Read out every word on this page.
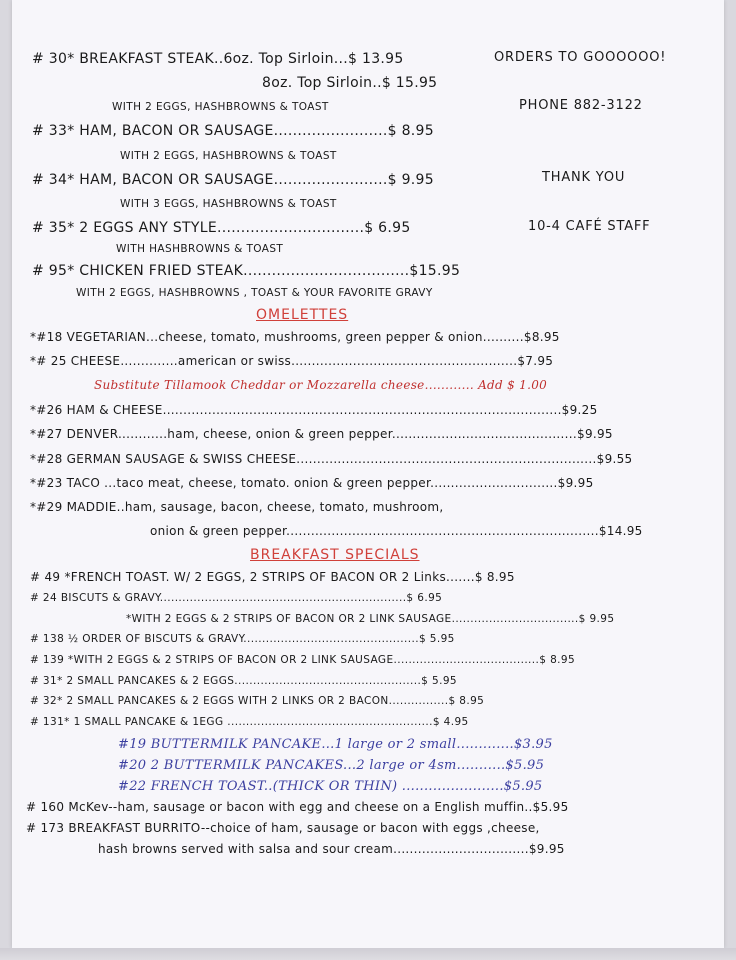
ORDERS TO GOOOOOO!
PHONE 882-3122
THANK YOU
10-4 CAFÉ STAFF
# 30* BREAKFAST STEAK..6oz. Top Sirloin...$ 13.95
8oz. Top Sirloin..$ 15.95
WITH 2 EGGS, HASHBROWNS & TOAST
# 33* HAM, BACON OR SAUSAGE........................$ 8.95
WITH 2 EGGS, HASHBROWNS & TOAST
# 34* HAM, BACON OR SAUSAGE........................$ 9.95
WITH 3 EGGS, HASHBROWNS & TOAST
# 35* 2 EGGS ANY STYLE...............................$ 6.95
WITH HASHBROWNS & TOAST
# 95* CHICKEN FRIED STEAK...................................$15.95
WITH 2 EGGS, HASHBROWNS , TOAST & YOUR FAVORITE GRAVY
OMELETTES
*#18 VEGETARIAN...cheese, tomato, mushrooms, green pepper & onion..........$8.95
*# 25 CHEESE..............american or swiss.......................................................$7.95
Substitute Tillamook Cheddar or Mozzarella cheese............ Add $ 1.00
*#26 HAM & CHEESE.................................................................................................$9.25
*#27 DENVER............ham, cheese, onion & green pepper.............................................$9.95
*#28 GERMAN SAUSAGE & SWISS CHEESE.........................................................................$9.55
*#23 TACO ...taco meat, cheese, tomato. onion & green pepper...............................$9.95
*#29 MADDIE..ham, sausage, bacon, cheese, tomato, mushroom,
onion & green pepper............................................................................$14.95
BREAKFAST SPECIALS
# 49 *FRENCH TOAST. W/ 2 EGGS, 2 STRIPS OF BACON OR 2 Links.......$ 8.95
# 24 BISCUTS & GRAVY..................................................................$ 6.95
*WITH 2 EGGS & 2 STRIPS OF BACON OR 2 LINK SAUSAGE..................................$ 9.95
# 138 ½ ORDER OF BISCUTS & GRAVY...............................................$ 5.95
# 139 *WITH 2 EGGS & 2 STRIPS OF BACON OR 2 LINK SAUSAGE.......................................$ 8.95
# 31* 2 SMALL PANCAKES & 2 EGGS..................................................$ 5.95
# 32* 2 SMALL PANCAKES & 2 EGGS WITH 2 LINKS OR 2 BACON................$ 8.95
# 131* 1 SMALL PANCAKE & 1EGG .......................................................$ 4.95
#19 BUTTERMILK PANCAKE...1 large or 2 small.............$3.95
#20 2 BUTTERMILK PANCAKES...2 large or 4sm...........$5.95
#22 FRENCH TOAST..(THICK OR THIN) .......................$5.95
# 160 McKev--ham, sausage or bacon with egg and cheese on a English muffin..$5.95
# 173 BREAKFAST BURRITO--choice of ham, sausage or bacon with eggs ,cheese,
hash browns served with salsa and sour cream.................................$9.95
